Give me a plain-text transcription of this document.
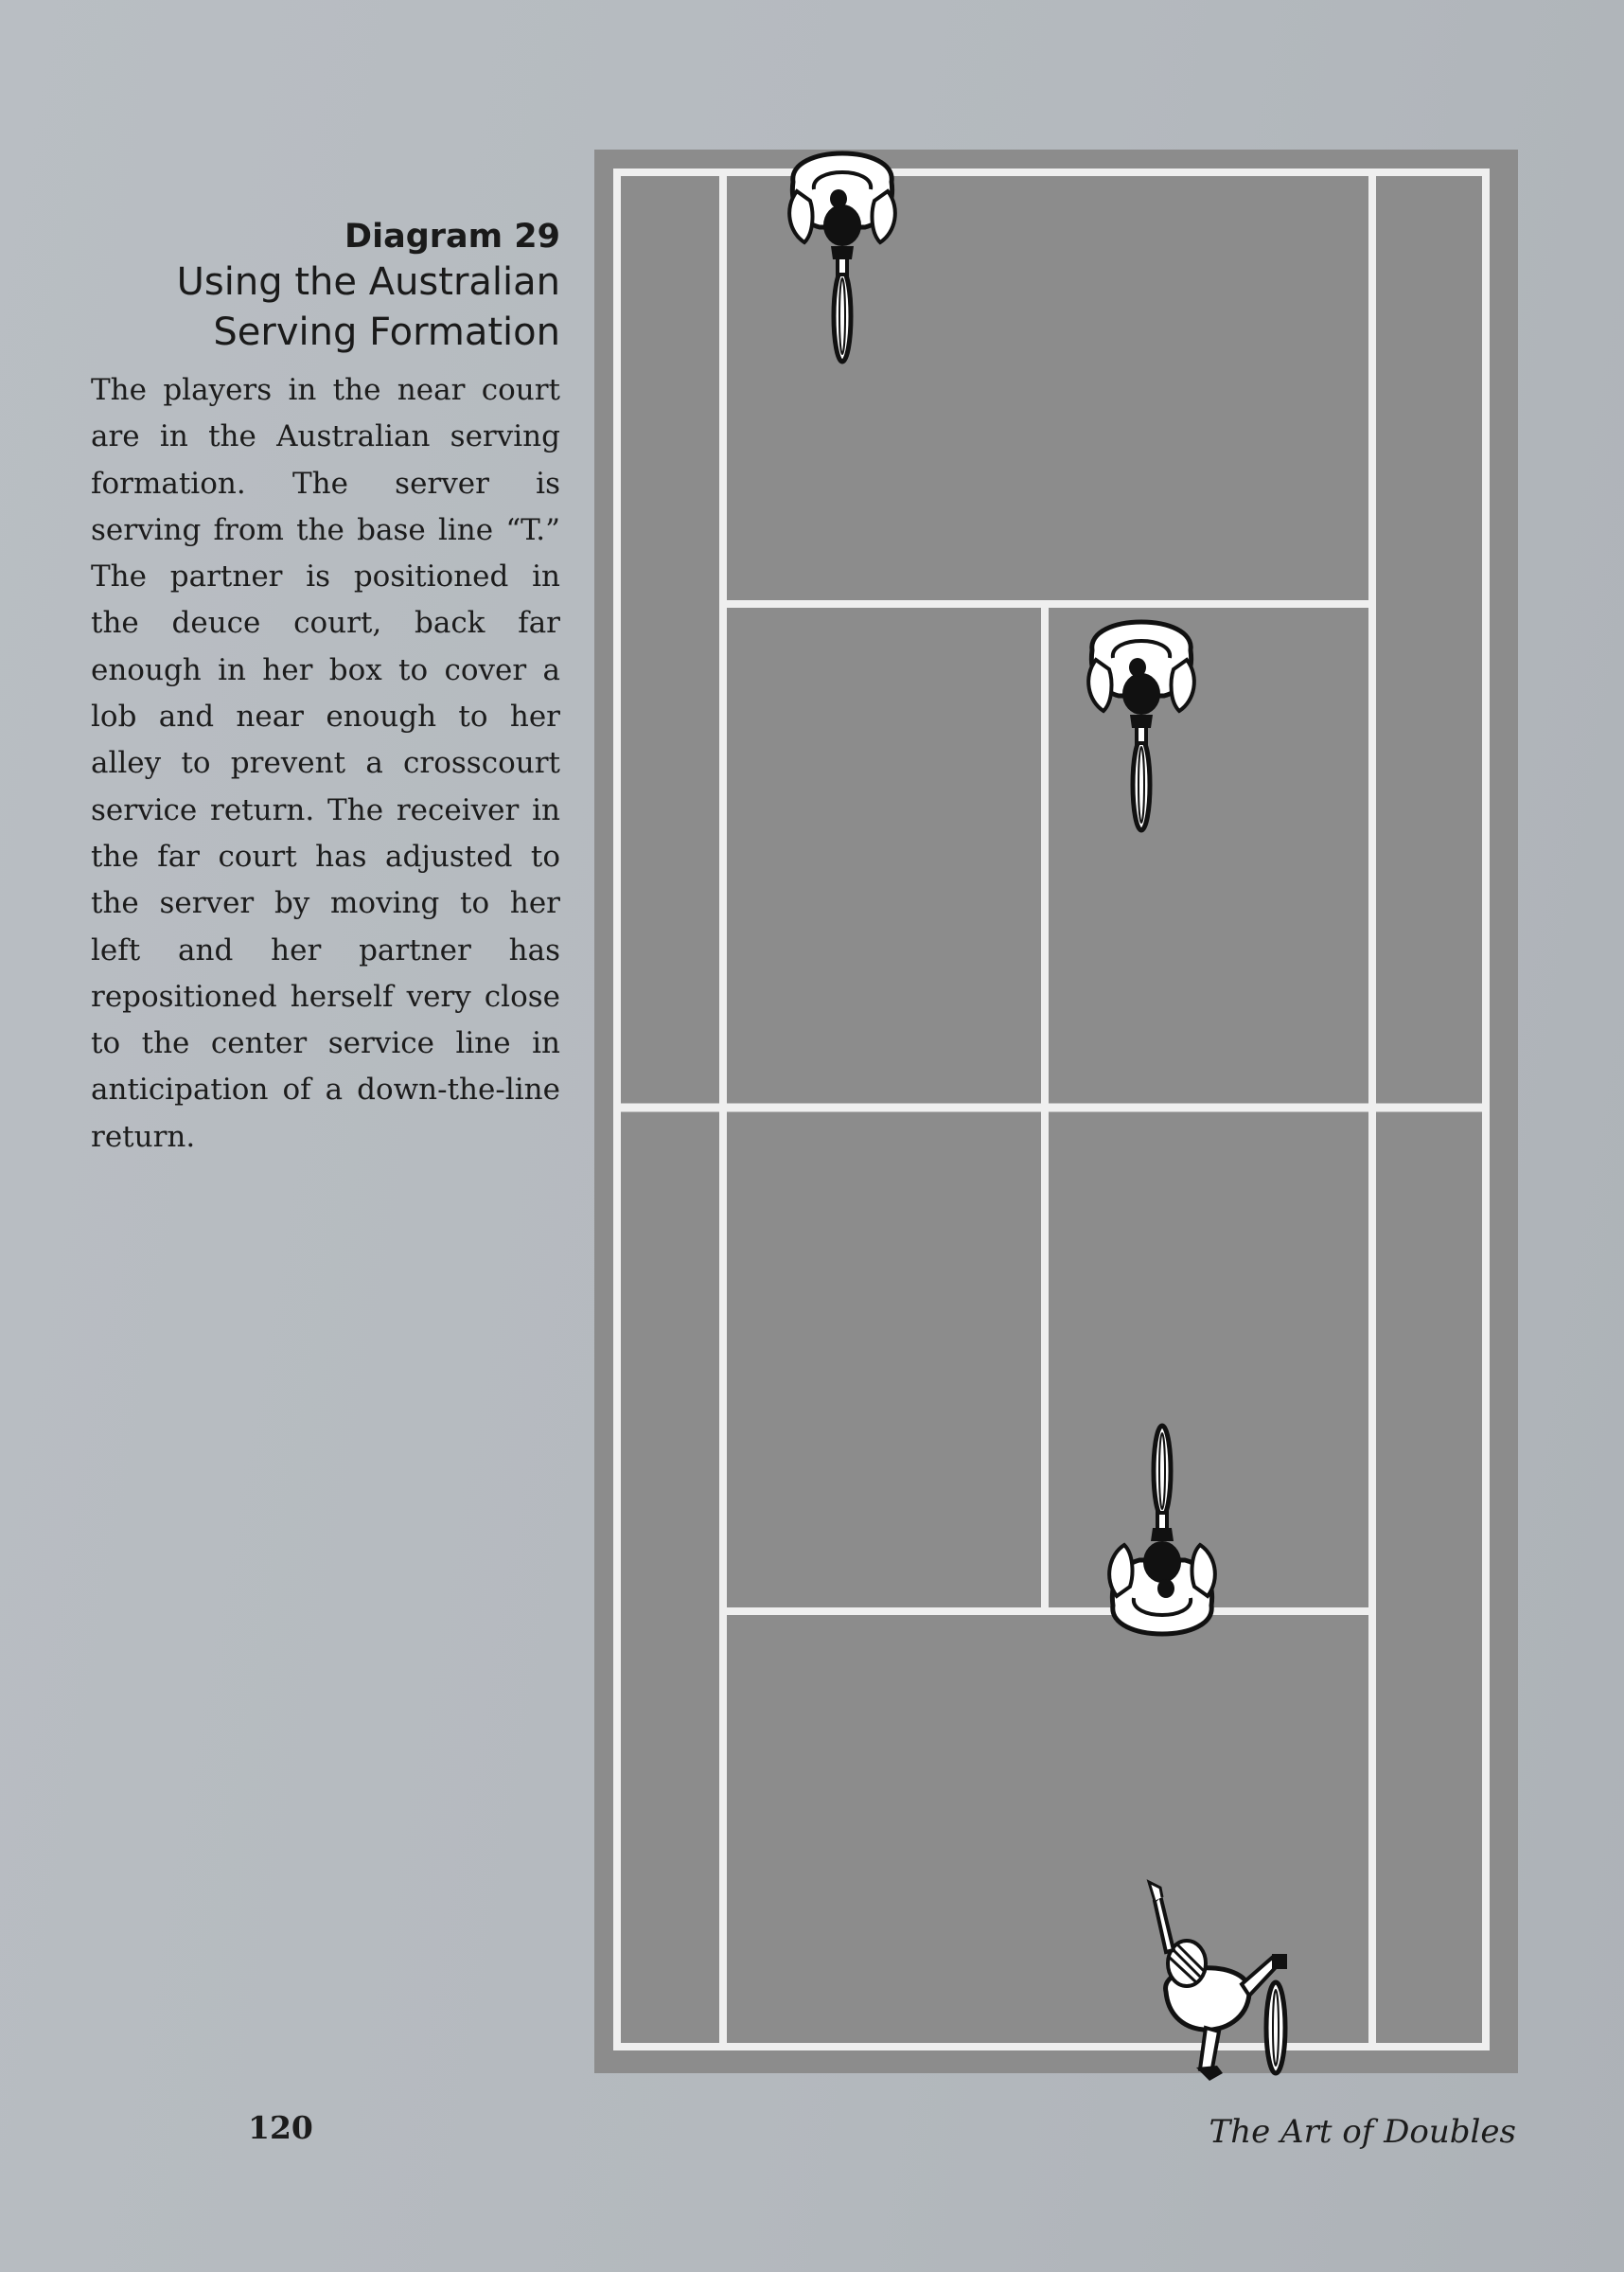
Diagram 29

Using the Australian

Serving Formation

The players in the near court are in the Australian serving formation. The server is serving from the base line “T.” The partner is positioned in the deuce court, back far enough in her box to cover a lob and near enough to her alley to prevent a crosscourt service return. The receiver in the far court has adjusted to the server by moving to her left and her partner has repositioned herself very close to the center service line in anticipation of a down-the-line return.

120	The Art of Doubles
